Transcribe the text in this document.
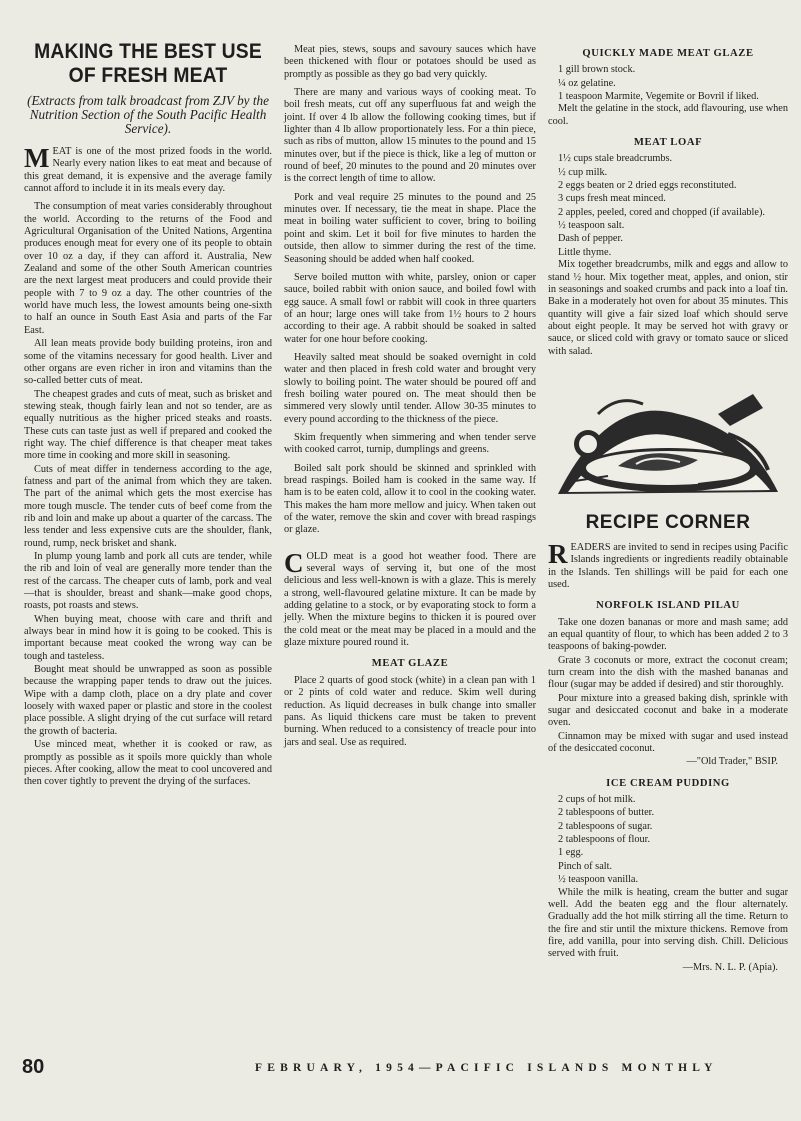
MAKING THE BEST USE
OF FRESH MEAT
(Extracts from talk broadcast from ZJV by the Nutrition Section of the South Pacific Health Service).

MEAT is one of the most prized foods in the world. Nearly every nation likes to eat meat and because of this great demand, it is expensive and the average family cannot afford to include it in its meals every day.

The consumption of meat varies considerably throughout the world. According to the returns of the Food and Agricultural Organisation of the United Nations, Argentina produces enough meat for every one of its people to obtain over 10 oz a day, if they can afford it. Australia, New Zealand and some of the other South American countries are the next largest meat producers and could provide their people with 7 to 9 oz a day. The other countries of the world have much less, the lowest amounts being one-sixth to half an ounce in South East Asia and parts of the Far East.

All lean meats provide body building proteins, iron and some of the vitamins necessary for good health. Liver and other organs are even richer in iron and vitamins than the so-called better cuts of meat.

The cheapest grades and cuts of meat, such as brisket and stewing steak, though fairly lean and not so tender, are as equally nutritious as the higher priced steaks and roasts. These cuts can taste just as well if prepared and cooked the right way. The chief difference is that cheaper meat takes more time in cooking and more skill in seasoning.

Cuts of meat differ in tenderness according to the age, fatness and part of the animal from which they are taken. The part of the animal which gets the most exercise has more tough muscle. The tender cuts of beef come from the rib and loin and make up about a quarter of the carcass. The less tender and less expensive cuts are the shoulder, flank, round, rump, neck brisket and shank.

In plump young lamb and pork all cuts are tender, while the rib and loin of veal are generally more tender than the rest of the carcass. The cheaper cuts of lamb, pork and veal—that is shoulder, breast and shank—make good chops, roasts, pot roasts and stews.

When buying meat, choose with care and thrift and always bear in mind how it is going to be cooked. This is important because meat cooked the wrong way can be tough and tasteless.

Bought meat should be unwrapped as soon as possible because the wrapping paper tends to draw out the juices. Wipe with a damp cloth, place on a dry plate and cover loosely with waxed paper or plastic and store in the coolest place possible. A slight drying of the cut surface will retard the growth of bacteria.

Use minced meat, whether it is cooked or raw, as promptly as possible as it spoils more quickly than whole pieces. After cooking, allow the meat to cool uncovered and then cover tightly to prevent the drying of the surfaces.

Meat pies, stews, soups and savoury sauces which have been thickened with flour or potatoes should be used as promptly as possible as they go bad very quickly.

There are many and various ways of cooking meat. To boil fresh meats, cut off any superfluous fat and weigh the joint. If over 4 lb allow the following cooking times, but if lighter than 4 lb allow proportionately less. For a thin piece, such as ribs of mutton, allow 15 minutes to the pound and 15 minutes over, but if the piece is thick, like a leg of mutton or round of beef, 20 minutes to the pound and 20 minutes over is the correct length of time to allow.

Pork and veal require 25 minutes to the pound and 25 minutes over. If necessary, tie the meat in shape. Place the meat in boiling water sufficient to cover, bring to boiling point and skim. Let it boil for five minutes to harden the outside, then allow to simmer during the rest of the time. Seasoning should be added when half cooked.

Serve boiled mutton with white, parsley, onion or caper sauce, boiled rabbit with onion sauce, and boiled fowl with egg sauce. A small fowl or rabbit will cook in three quarters of an hour; large ones will take from 1½ hours to 2 hours according to their age. A rabbit should be soaked in salted water for one hour before cooking.

Heavily salted meat should be soaked overnight in cold water and then placed in fresh cold water and brought very slowly to boiling point. The water should be poured off and fresh boiling water poured on. The meat should then be simmered very slowly until tender. Allow 30-35 minutes to every pound according to the thickness of the piece.

Skim frequently when simmering and when tender serve with cooked carrot, turnip, dumplings and greens.

Boiled salt pork should be skinned and sprinkled with bread raspings. Boiled ham is cooked in the same way. If ham is to be eaten cold, allow it to cool in the cooking water. This makes the ham more mellow and juicy. When taken out of the water, remove the skin and cover with bread raspings or glaze.

COLD meat is a good hot weather food. There are several ways of serving it, but one of the most delicious and less well-known is with a glaze. This is merely a strong, well-flavoured gelatine mixture. It can be made by adding gelatine to a stock, or by evaporating stock to form a jelly. When the mixture begins to thicken it is poured over the cold meat or the meat may be placed in a mould and the glaze mixture poured round it.

MEAT GLAZE

Place 2 quarts of good stock (white) in a clean pan with 1 or 2 pints of cold water and reduce. Skim well during reduction. As liquid decreases in bulk change into smaller pans. As liquid thickens care must be taken to prevent burning. When reduced to a consistency of treacle pour into jars and seal. Use as required.

QUICKLY MADE MEAT GLAZE

1 gill brown stock.

¼ oz gelatine.

1 teaspoon Marmite, Vegemite or Bovril if liked.

Melt the gelatine in the stock, add flavouring, use when cool.

MEAT LOAF

1½ cups stale breadcrumbs.

½ cup milk.

2 eggs beaten or 2 dried eggs reconstituted.

3 cups fresh meat minced.

2 apples, peeled, cored and chopped (if available).

½ teaspoon salt.

Dash of pepper.

Little thyme.

Mix together breadcrumbs, milk and eggs and allow to stand ½ hour. Mix together meat, apples, and onion, stir in seasonings and soaked crumbs and pack into a loaf tin. Bake in a moderately hot oven for about 35 minutes. This quantity will give a fair sized loaf which should serve about eight people. It may be served hot with gravy or sauce, or sliced cold with gravy or tomato sauce or sliced with salad.

RECIPE CORNER

READERS are invited to send in recipes using Pacific Islands ingredients or ingredients readily obtainable in the Islands. Ten shillings will be paid for each one used.

NORFOLK ISLAND PILAU

Take one dozen bananas or more and mash same; add an equal quantity of flour, to which has been added 2 to 3 teaspoons of baking-powder.

Grate 3 coconuts or more, extract the coconut cream; turn cream into the dish with the mashed bananas and flour (sugar may be added if desired) and stir thoroughly.

Pour mixture into a greased baking dish, sprinkle with sugar and desiccated coconut and bake in a moderate oven.

Cinnamon may be mixed with sugar and used instead of the desiccated coconut.

—"Old Trader," BSIP.

ICE CREAM PUDDING

2 cups of hot milk.

2 tablespoons of butter.

2 tablespoons of sugar.

2 tablespoons of flour.

1 egg.

Pinch of salt.

½ teaspoon vanilla.

While the milk is heating, cream the butter and sugar well. Add the beaten egg and the flour alternately. Gradually add the hot milk stirring all the time. Return to the fire and stir until the mixture thickens. Remove from fire, add vanilla, pour into serving dish. Chill. Delicious served with fruit.

—Mrs. N. L. P. (Apia).

80	FEBRUARY, 1954—PACIFIC ISLANDS MONTHLY
